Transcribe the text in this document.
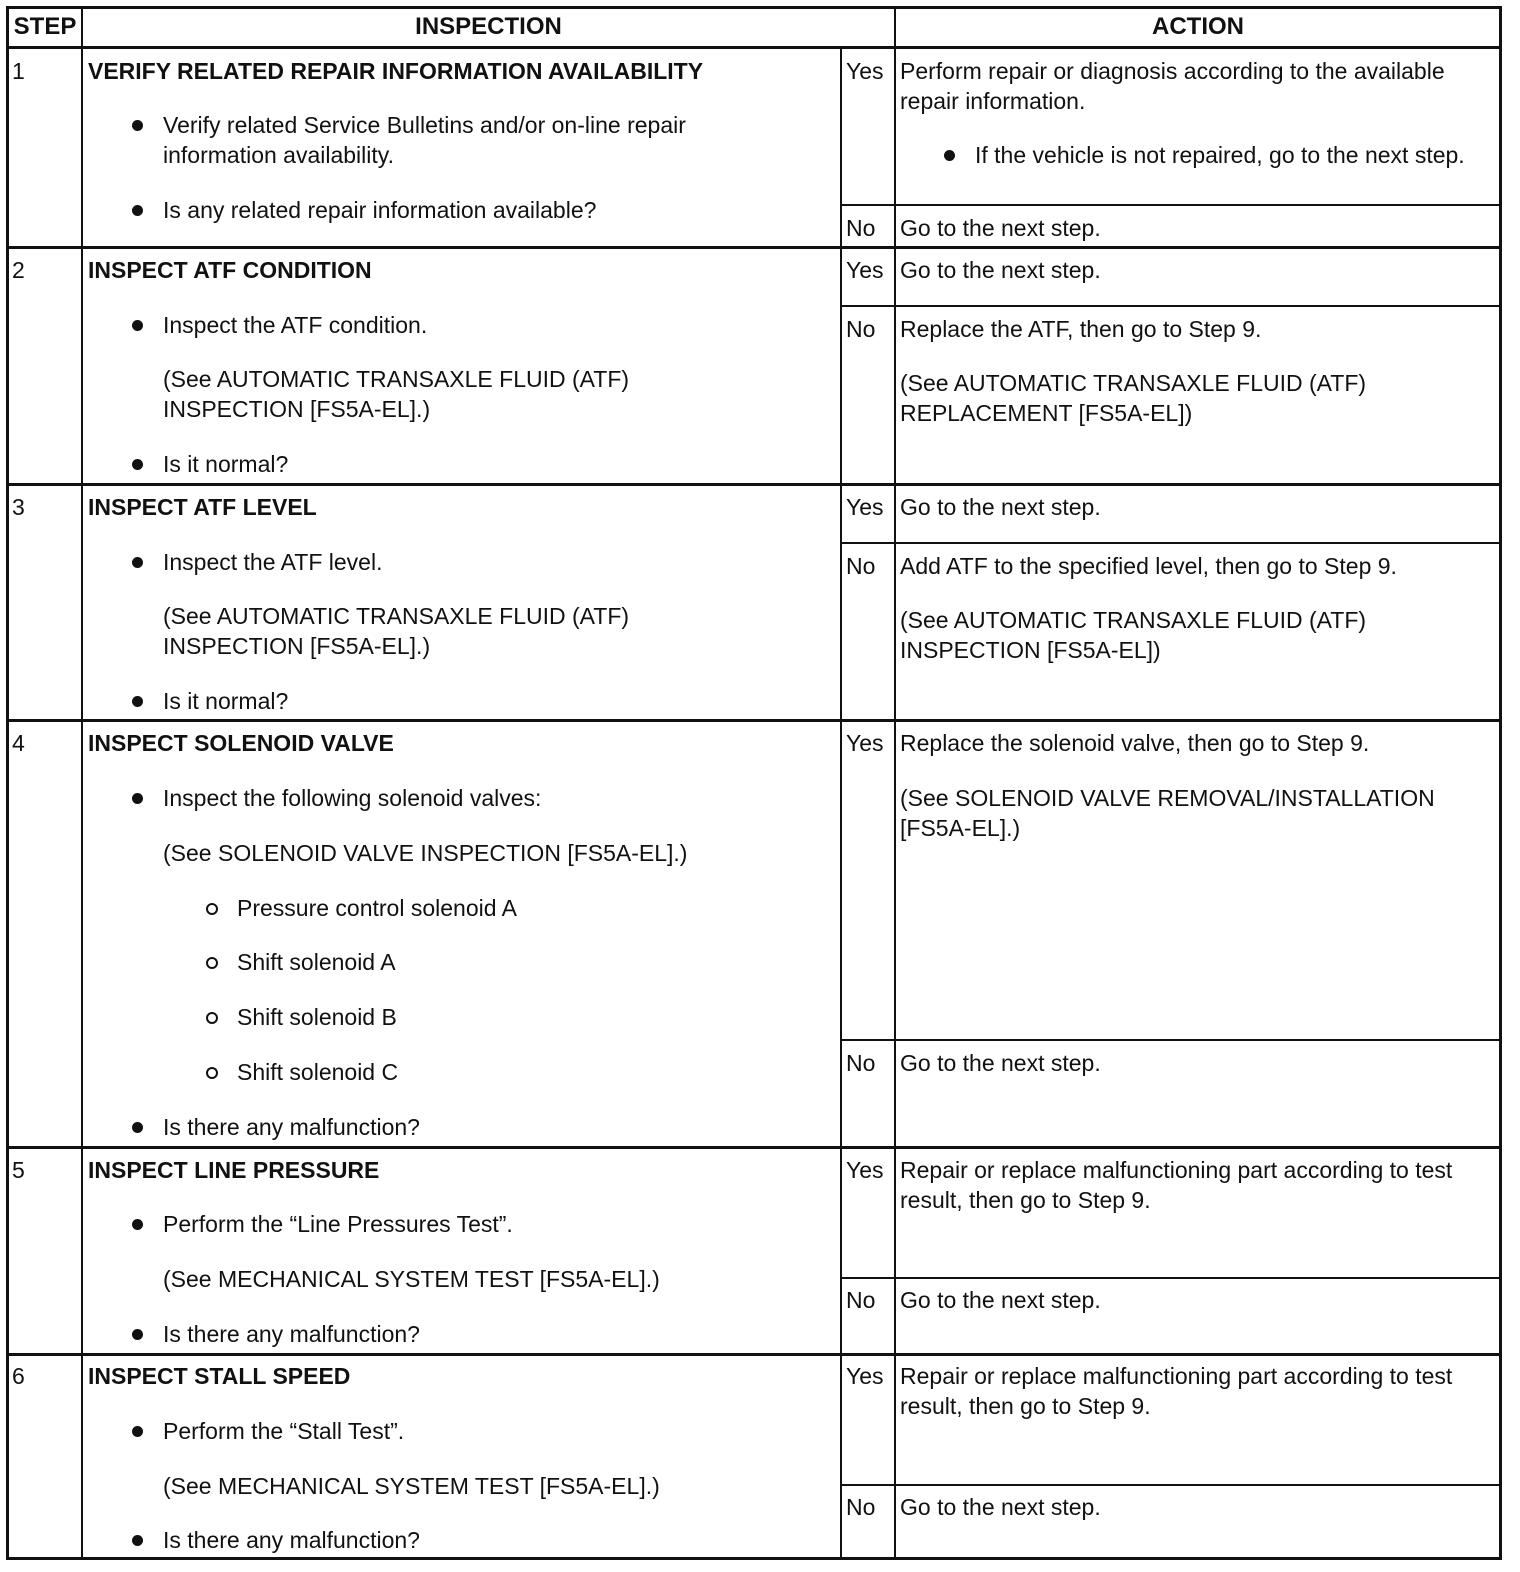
STEP	INSPECTION	ACTION
1	VERIFY RELATED REPAIR INFORMATION AVAILABILITY
Verify related Service Bulletins and/or on-line repair information availability.
Is any related repair information available?
Yes Perform repair or diagnosis according to the available repair information.
If the vehicle is not repaired, go to the next step.
No Go to the next step.
2	INSPECT ATF CONDITION
Inspect the ATF condition.
(See AUTOMATIC TRANSAXLE FLUID (ATF) INSPECTION [FS5A-EL].)
Is it normal?
Yes Go to the next step.
No Replace the ATF, then go to Step 9.
(See AUTOMATIC TRANSAXLE FLUID (ATF) REPLACEMENT [FS5A-EL])
3	INSPECT ATF LEVEL
Inspect the ATF level.
(See AUTOMATIC TRANSAXLE FLUID (ATF) INSPECTION [FS5A-EL].)
Is it normal?
Yes Go to the next step.
No Add ATF to the specified level, then go to Step 9.
(See AUTOMATIC TRANSAXLE FLUID (ATF) INSPECTION [FS5A-EL])
4	INSPECT SOLENOID VALVE
Inspect the following solenoid valves:
(See SOLENOID VALVE INSPECTION [FS5A-EL].)
Pressure control solenoid A
Shift solenoid A
Shift solenoid B
Shift solenoid C
Is there any malfunction?
Yes Replace the solenoid valve, then go to Step 9.
(See SOLENOID VALVE REMOVAL/INSTALLATION [FS5A-EL].)
No Go to the next step.
5	INSPECT LINE PRESSURE
Perform the “Line Pressures Test”.
(See MECHANICAL SYSTEM TEST [FS5A-EL].)
Is there any malfunction?
Yes Repair or replace malfunctioning part according to test result, then go to Step 9.
No Go to the next step.
6	INSPECT STALL SPEED
Perform the “Stall Test”.
(See MECHANICAL SYSTEM TEST [FS5A-EL].)
Is there any malfunction?
Yes Repair or replace malfunctioning part according to test result, then go to Step 9.
No Go to the next step.
